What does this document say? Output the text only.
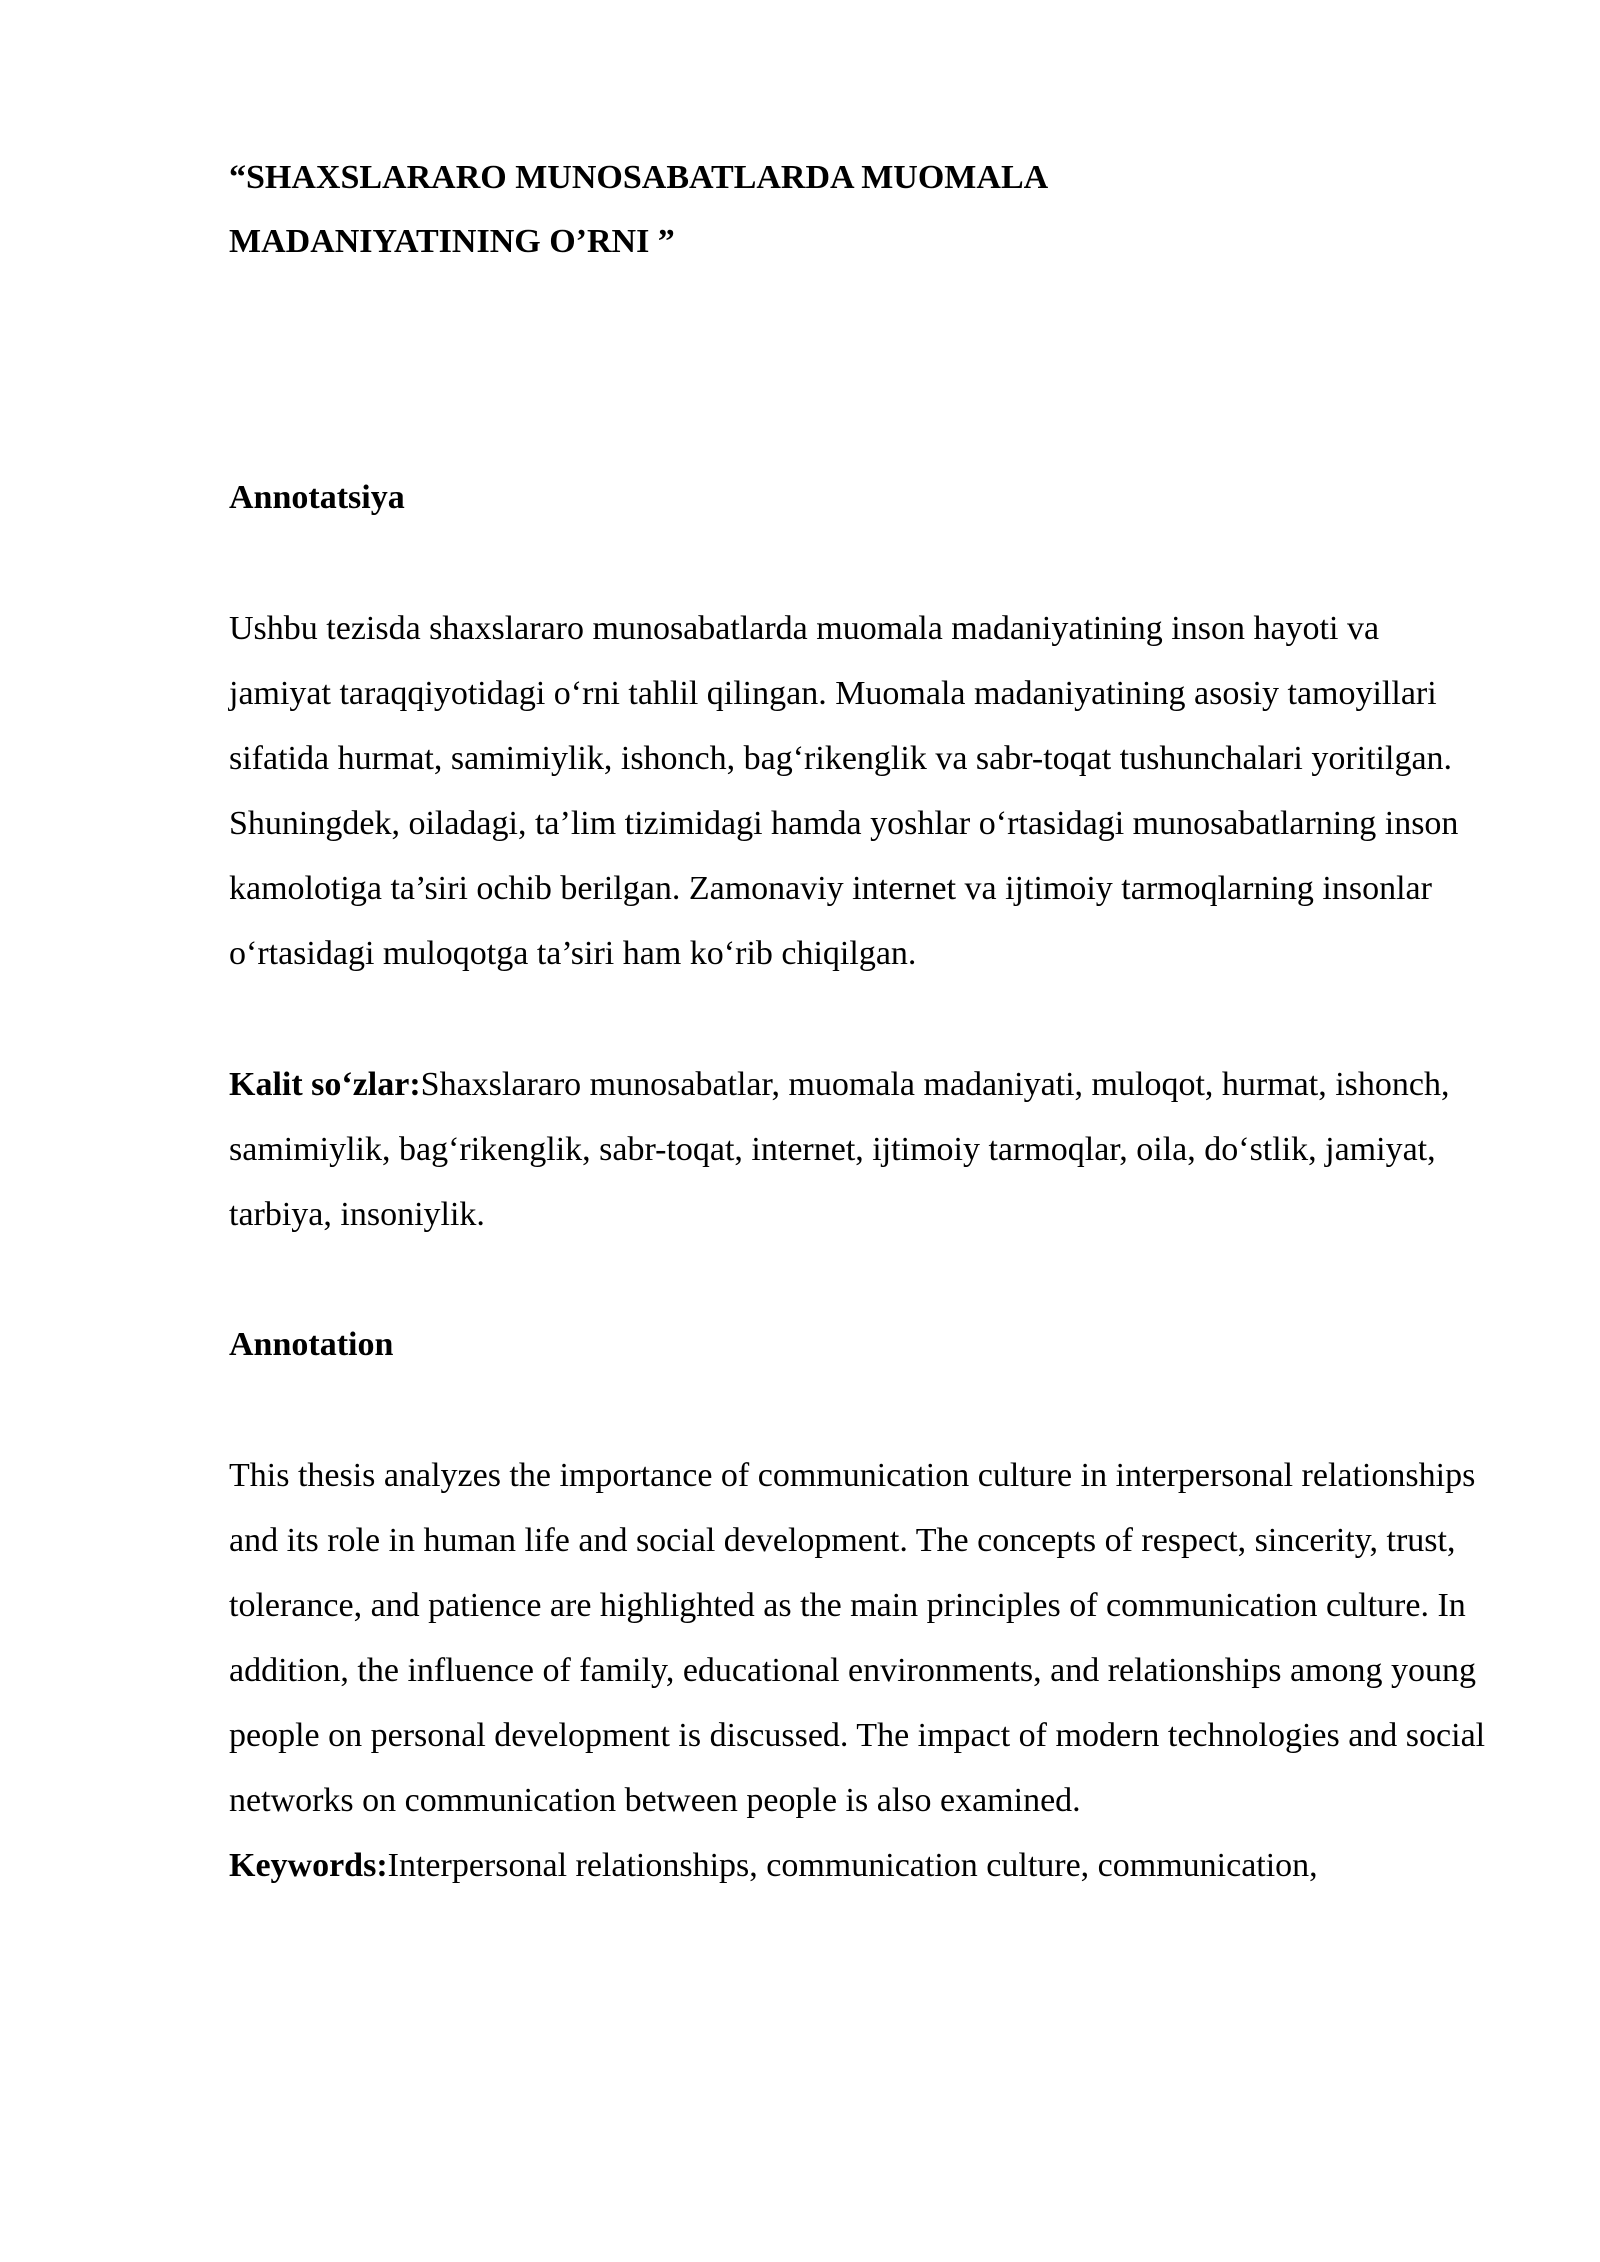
“SHAXSLARARO MUNOSABATLARDA MUOMALA

MADANIYATINING O’RNI ”

Annotatsiya

Ushbu tezisda shaxslararo munosabatlarda muomala madaniyatining inson hayoti va jamiyat taraqqiyotidagi o‘rni tahlil qilingan. Muomala madaniyatining asosiy tamoyillari sifatida hurmat, samimiylik, ishonch, bag‘rikenglik va sabr-toqat tushunchalari yoritilgan. Shuningdek, oiladagi, ta’lim tizimidagi hamda yoshlar o‘rtasidagi munosabatlarning inson kamolotiga ta’siri ochib berilgan. Zamonaviy internet va ijtimoiy tarmoqlarning insonlar o‘rtasidagi muloqotga ta’siri ham ko‘rib chiqilgan.

Kalit so‘zlar:Shaxslararo munosabatlar, muomala madaniyati, muloqot, hurmat, ishonch, samimiylik, bag‘rikenglik, sabr-toqat, internet, ijtimoiy tarmoqlar, oila, do‘stlik, jamiyat, tarbiya, insoniylik.

Annotation

This thesis analyzes the importance of communication culture in interpersonal relationships and its role in human life and social development. The concepts of respect, sincerity, trust, tolerance, and patience are highlighted as the main principles of communication culture. In addition, the influence of family, educational environments, and relationships among young people on personal development is discussed. The impact of modern technologies and social networks on communication between people is also examined.

Keywords:Interpersonal relationships, communication culture, communication,
